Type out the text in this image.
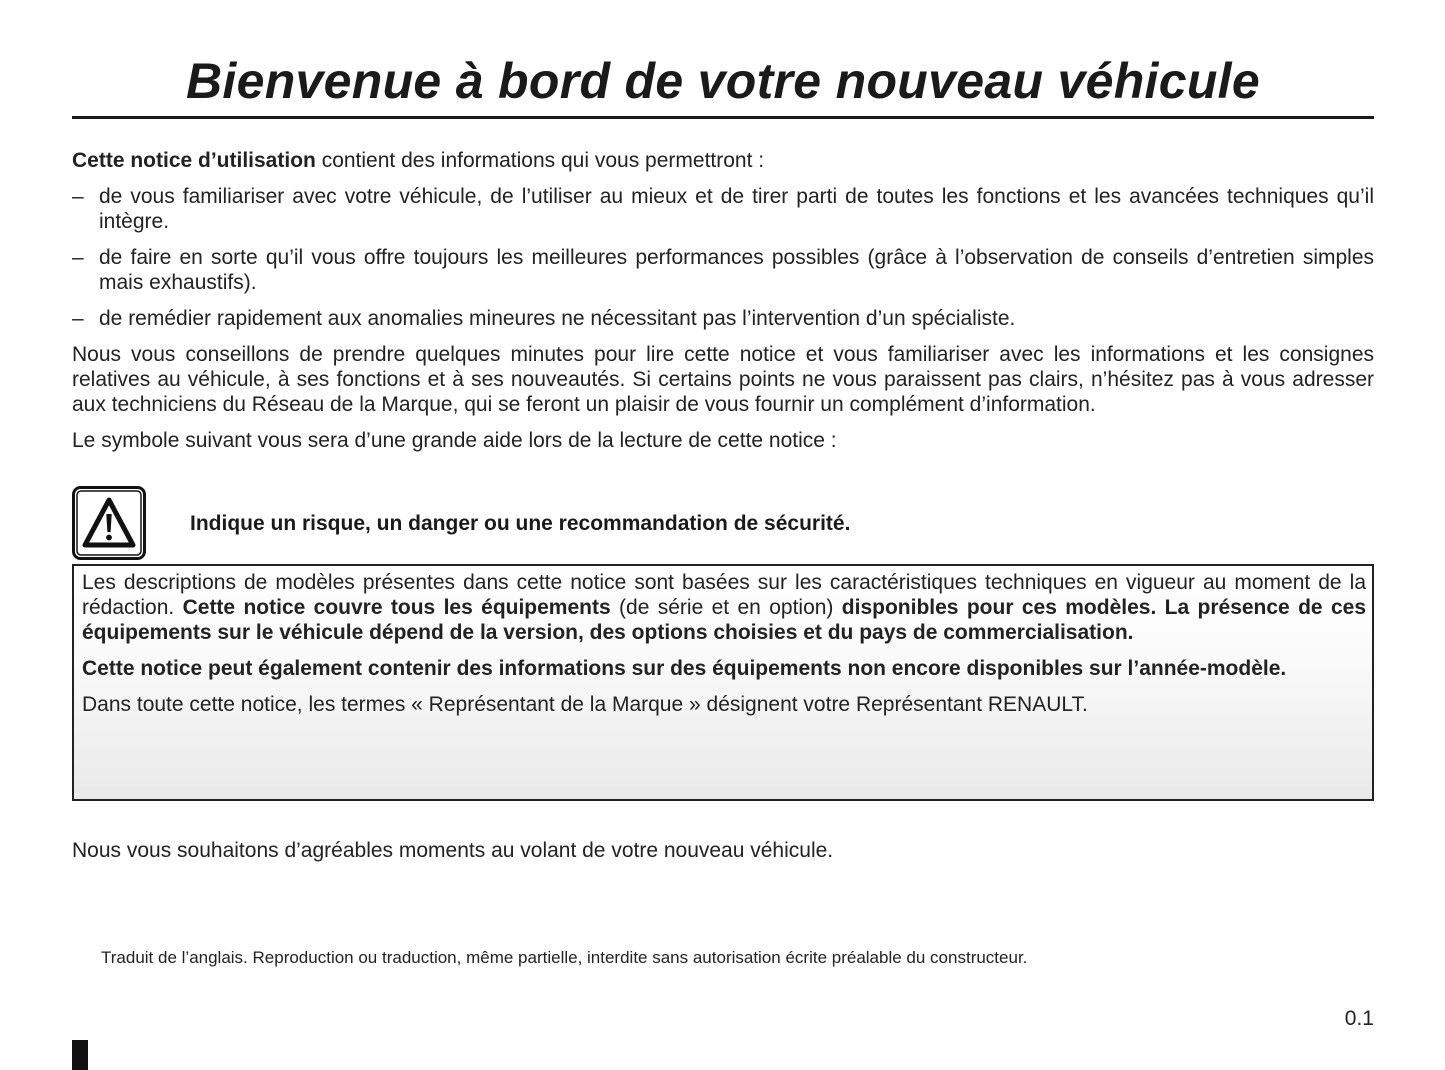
Bienvenue à bord de votre nouveau véhicule

Cette notice d’utilisation contient des informations qui vous permettront :

– de vous familiariser avec votre véhicule, de l’utiliser au mieux et de tirer parti de toutes les fonctions et les avancées techniques qu’il intègre.
– de faire en sorte qu’il vous offre toujours les meilleures performances possibles (grâce à l’observation de conseils d’entretien simples mais exhaustifs).
– de remédier rapidement aux anomalies mineures ne nécessitant pas l’intervention d’un spécialiste.

Nous vous conseillons de prendre quelques minutes pour lire cette notice et vous familiariser avec les informations et les consignes relatives au véhicule, à ses fonctions et à ses nouveautés. Si certains points ne vous paraissent pas clairs, n’hésitez pas à vous adresser aux techniciens du Réseau de la Marque, qui se feront un plaisir de vous fournir un complément d’information.

Le symbole suivant vous sera d’une grande aide lors de la lecture de cette notice :

Indique un risque, un danger ou une recommandation de sécurité.

Les descriptions de modèles présentes dans cette notice sont basées sur les caractéristiques techniques en vigueur au moment de la rédaction. Cette notice couvre tous les équipements (de série et en option) disponibles pour ces modèles. La présence de ces équipements sur le véhicule dépend de la version, des options choisies et du pays de commercialisation.

Cette notice peut également contenir des informations sur des équipements non encore disponibles sur l’année-modèle.

Dans toute cette notice, les termes « Représentant de la Marque » désignent votre Représentant RENAULT.

Nous vous souhaitons d’agréables moments au volant de votre nouveau véhicule.
Traduit de l’anglais. Reproduction ou traduction, même partielle, interdite sans autorisation écrite préalable du constructeur.
0.1
